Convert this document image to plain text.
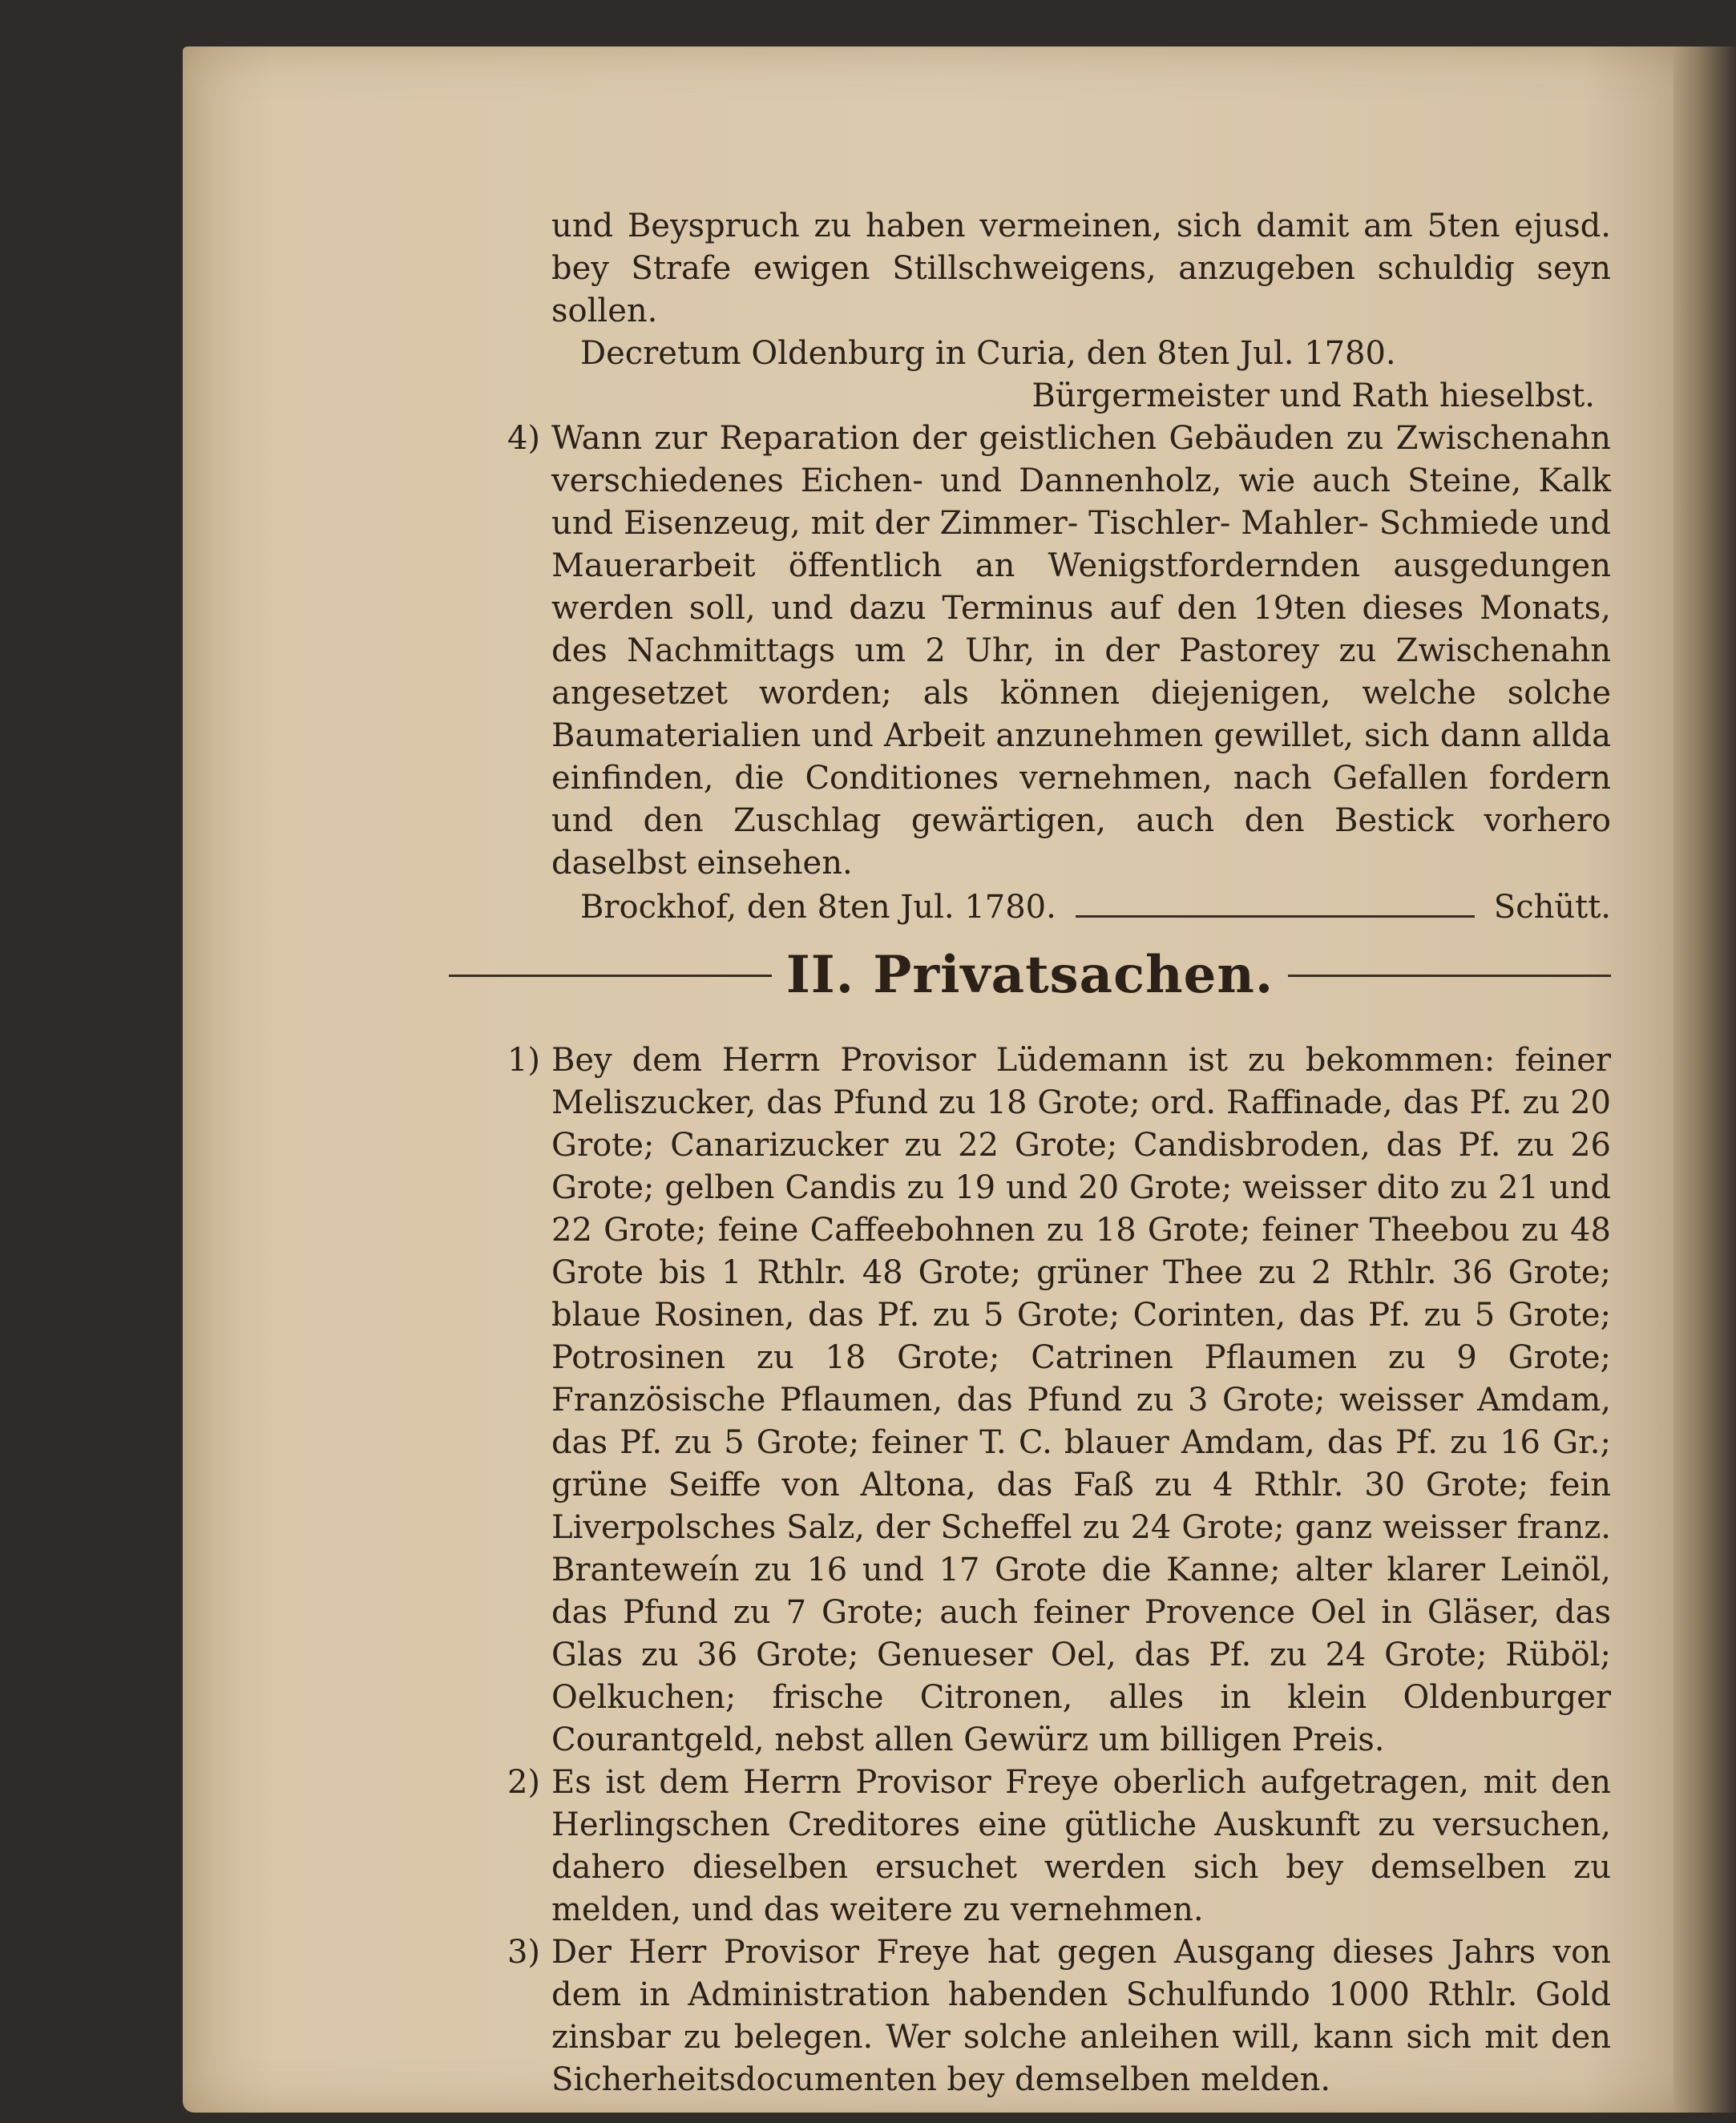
und Beyspruch zu haben vermeinen, sich damit am 5ten ejusd. bey Strafe ewigen Stillschweigens, anzugeben schuldig seyn sollen.

Decretum Oldenburg in Curia, den 8ten Jul. 1780.

Bürgermeister und Rath hieselbst.

4) Wann zur Reparation der geistlichen Gebäuden zu Zwischenahn verschiedenes Eichen- und Dannenholz, wie auch Steine, Kalk und Eisenzeug, mit der Zimmer- Tischler- Mahler- Schmiede und Mauerarbeit öffentlich an Wenigstfordernden ausgedungen werden soll, und dazu Terminus auf den 19ten dieses Monats, des Nachmittags um 2 Uhr, in der Pastorey zu Zwischenahn angesetzet worden; als können diejenigen, welche solche Baumaterialien und Arbeit anzunehmen gewillet, sich dann allda einfinden, die Conditiones vernehmen, nach Gefallen fordern und den Zuschlag gewärtigen, auch den Bestick vorhero daselbst einsehen.

Brockhof, den 8ten Jul. 1780.	Schütt.
II. Privatsachen.
1) Bey dem Herrn Provisor Lüdemann ist zu bekommen: feiner Meliszucker, das Pfund zu 18 Grote; ord. Raffinade, das Pf. zu 20 Grote; Canarizucker zu 22 Grote; Candisbroden, das Pf. zu 26 Grote; gelben Candis zu 19 und 20 Grote; weisser dito zu 21 und 22 Grote; feine Caffeebohnen zu 18 Grote; feiner Theebou zu 48 Grote bis 1 Rthlr. 48 Grote; grüner Thee zu 2 Rthlr. 36 Grote; blaue Rosinen, das Pf. zu 5 Grote; Corinten, das Pf. zu 5 Grote; Potrosinen zu 18 Grote; Catrinen Pflaumen zu 9 Grote; Französische Pflaumen, das Pfund zu 3 Grote; weisser Amdam, das Pf. zu 5 Grote; feiner T. C. blauer Amdam, das Pf. zu 16 Gr.; grüne Seiffe von Altona, das Faß zu 4 Rthlr. 30 Grote; fein Liverpolsches Salz, der Scheffel zu 24 Grote; ganz weisser franz. Branteweín zu 16 und 17 Grote die Kanne; alter klarer Leinöl, das Pfund zu 7 Grote; auch feiner Provence Oel in Gläser, das Glas zu 36 Grote; Genueser Oel, das Pf. zu 24 Grote; Rüböl; Oelkuchen; frische Citronen, alles in klein Oldenburger Courantgeld, nebst allen Gewürz um billigen Preis.

2) Es ist dem Herrn Provisor Freye oberlich aufgetragen, mit den Herlingschen Creditores eine gütliche Auskunft zu versuchen, dahero dieselben ersuchet werden sich bey demselben zu melden, und das weitere zu vernehmen.

3) Der Herr Provisor Freye hat gegen Ausgang dieses Jahrs von dem in Administration habenden Schulfundo 1000 Rthlr. Gold zinsbar zu belegen. Wer solche anleihen will, kann sich mit den Sicherheitsdocumenten bey demselben melden.
